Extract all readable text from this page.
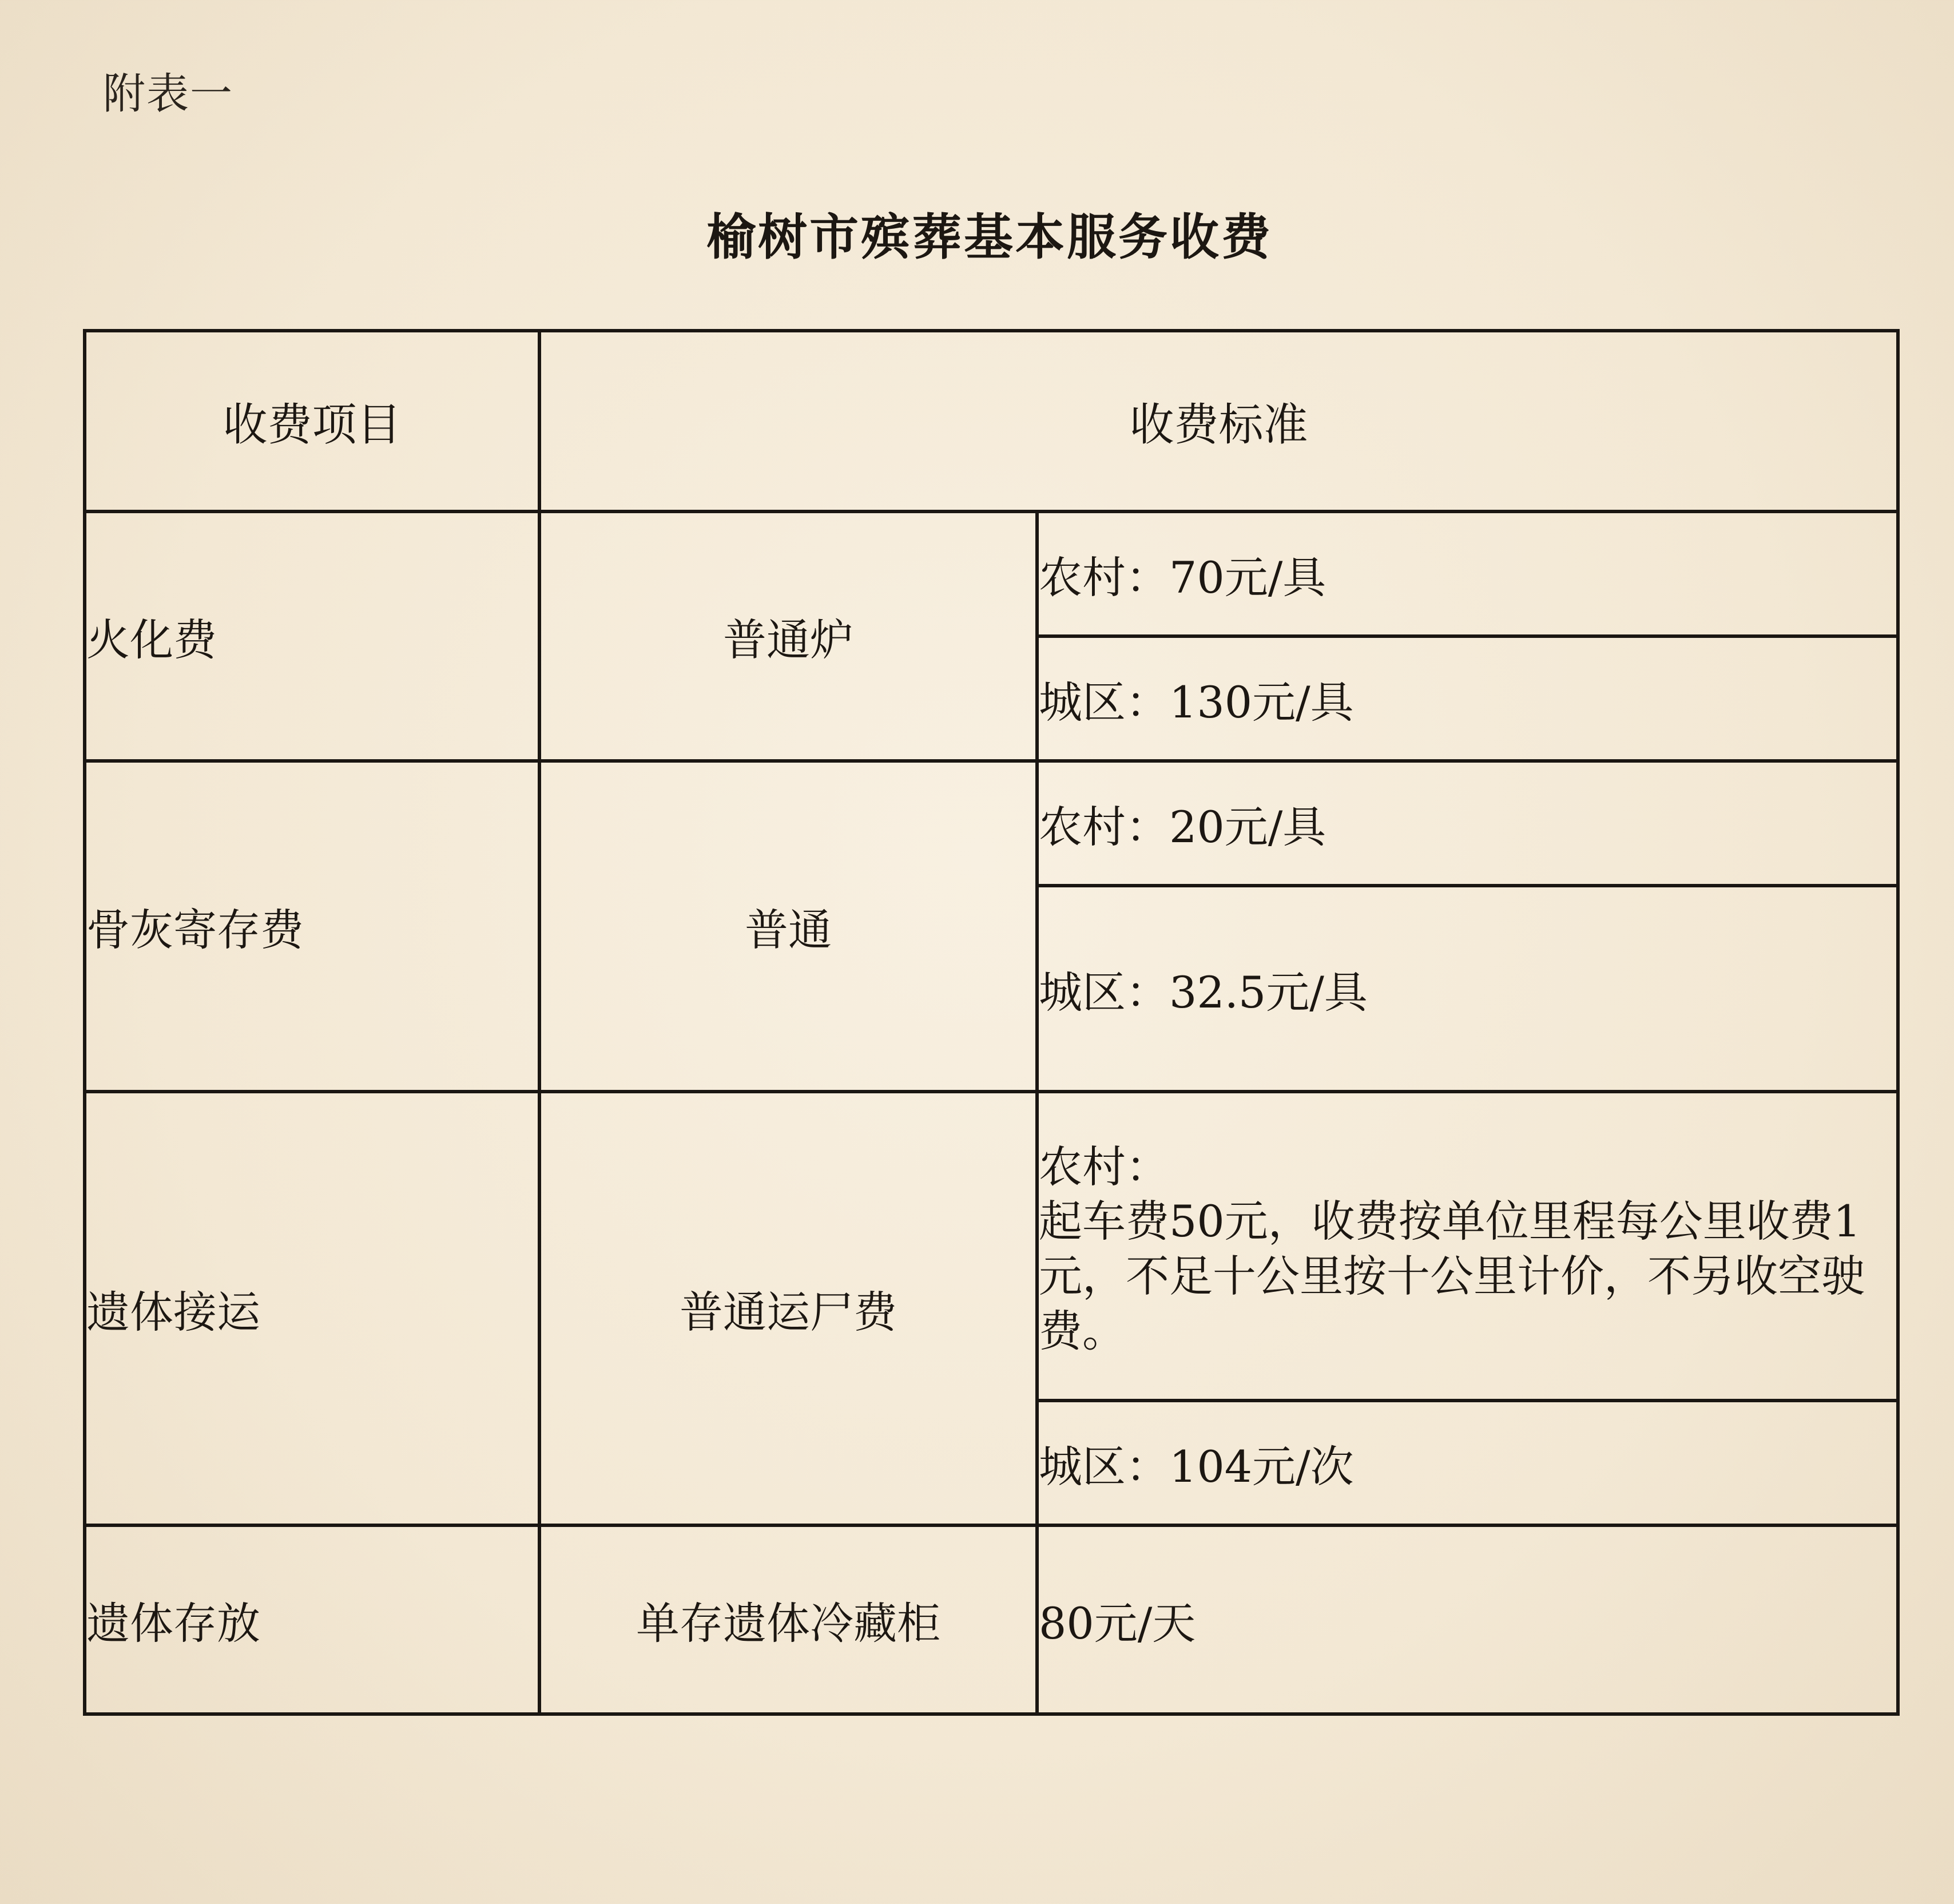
附表一
榆树市殡葬基本服务收费
收费项目	收费标准	
火化费	普通炉	农村：70元/具
		城区：130元/具
骨灰寄存费	普通	农村：20元/具
		城区：32.5元/具
遗体接运	普通运尸费	农村：
起车费50元，收费按单位里程每公里收费1元，不足十公里按十公里计价，不另收空驶费。

		城区：104元/次
遗体存放	单存遗体冷藏柜	80元/天
